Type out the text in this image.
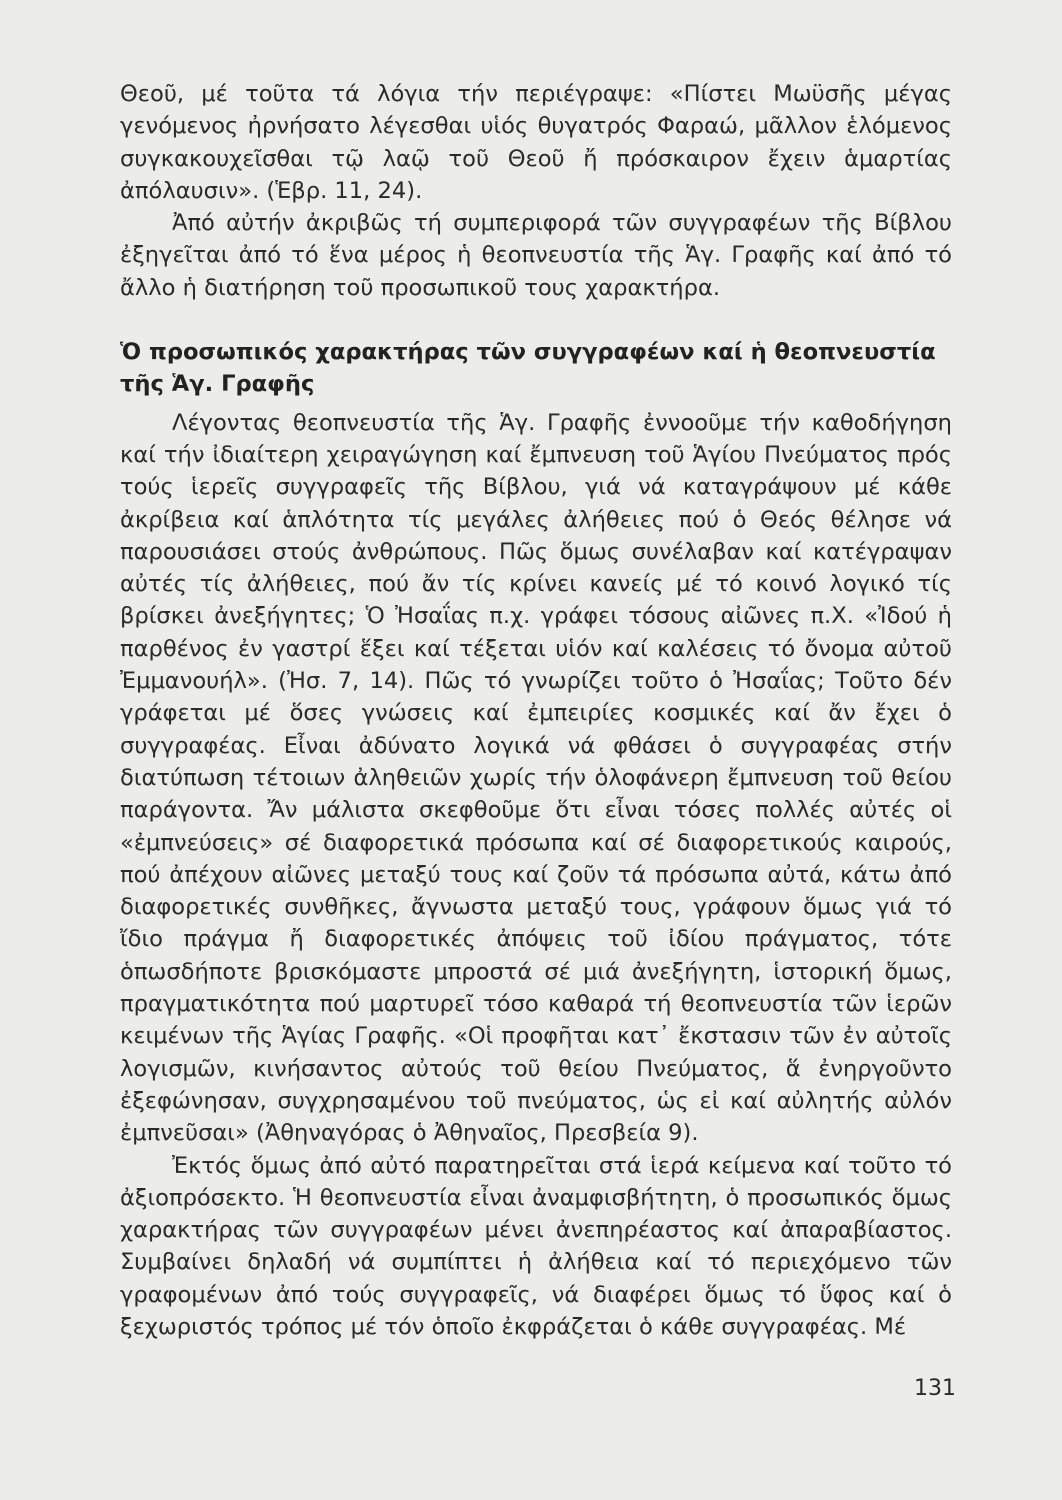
Θεοῦ, μέ τοῦτα τά λόγια τήν περιέγραψε: «Πίστει Μωϋσῆς μέγας γενόμενος ἠρνήσατο λέγεσθαι υἱός θυγατρός Φαραώ, μᾶλλον ἑλόμενος συγκακουχεῖσθαι τῷ λαῷ τοῦ Θεοῦ ἤ πρόσκαιρον ἔχειν ἁμαρτίας ἀπόλαυσιν». (Ἑβρ. 11, 24).

Ἀπό αὐτήν ἀκριβῶς τή συμπεριφορά τῶν συγγραφέων τῆς Βίβλου ἐξηγεῖται ἀπό τό ἕνα μέρος ἡ θεοπνευστία τῆς Ἁγ. Γραφῆς καί ἀπό τό ἄλλο ἡ διατήρηση τοῦ προσωπικοῦ τους χαρακτήρα.

Ὁ προσωπικός χαρακτήρας τῶν συγγραφέων καί ἡ θεοπνευστία τῆς Ἁγ. Γραφῆς

Λέγοντας θεοπνευστία τῆς Ἁγ. Γραφῆς ἐννοοῦμε τήν καθοδήγηση καί τήν ἰδιαίτερη χειραγώγηση καί ἔμπνευση τοῦ Ἁγίου Πνεύματος πρός τούς ἱερεῖς συγγραφεῖς τῆς Βίβλου, γιά νά καταγράψουν μέ κάθε ἀκρίβεια καί ἁπλότητα τίς μεγάλες ἀλήθειες πού ὁ Θεός θέλησε νά παρουσιάσει στούς ἀνθρώπους. Πῶς ὅμως συνέλαβαν καί κατέγραψαν αὐτές τίς ἀλήθειες, πού ἄν τίς κρίνει κανείς μέ τό κοινό λογικό τίς βρίσκει ἀνεξήγητες; Ὁ Ἠσαΐας π.χ. γράφει τόσους αἰῶνες π.Χ. «Ἰδού ἡ παρθένος ἐν γαστρί ἕξει καί τέξεται υἱόν καί καλέσεις τό ὄνομα αὐτοῦ Ἐμμανουήλ». (Ἠσ. 7, 14). Πῶς τό γνωρίζει τοῦτο ὁ Ἠσαΐας; Τοῦτο δέν γράφεται μέ ὅσες γνώσεις καί ἐμπειρίες κοσμικές καί ἄν ἔχει ὁ συγγραφέας. Εἶναι ἀδύνατο λογικά νά φθάσει ὁ συγγραφέας στήν διατύπωση τέτοιων ἀληθειῶν χωρίς τήν ὁλοφάνερη ἔμπνευση τοῦ θείου παράγοντα. Ἄν μάλιστα σκεφθοῦμε ὅτι εἶναι τόσες πολλές αὐτές οἱ «ἐμπνεύσεις» σέ διαφορετικά πρόσωπα καί σέ διαφορετικούς καιρούς, πού ἀπέχουν αἰῶνες μεταξύ τους καί ζοῦν τά πρόσωπα αὐτά, κάτω ἀπό διαφορετικές συνθῆκες, ἄγνωστα μεταξύ τους, γράφουν ὅμως γιά τό ἴδιο πράγμα ἤ διαφορετικές ἀπόψεις τοῦ ἰδίου πράγματος, τότε ὁπωσδήποτε βρισκόμαστε μπροστά σέ μιά ἀνεξήγητη, ἱστορική ὅμως, πραγματικότητα πού μαρτυρεῖ τόσο καθαρά τή θεοπνευστία τῶν ἱερῶν κειμένων τῆς Ἁγίας Γραφῆς. «Οἱ προφῆται κατ᾽ ἔκστασιν τῶν ἐν αὐτοῖς λογισμῶν, κινήσαντος αὐτούς τοῦ θείου Πνεύματος, ἅ ἐνηργοῦντο ἐξεφώνησαν, συγχρησαμένου τοῦ πνεύματος, ὡς εἰ καί αὐλητής αὐλόν ἐμπνεῦσαι» (Ἀθηναγόρας ὁ Ἀθηναῖος, Πρεσβεία 9).

Ἐκτός ὅμως ἀπό αὐτό παρατηρεῖται στά ἱερά κείμενα καί τοῦτο τό ἀξιοπρόσεκτο. Ἡ θεοπνευστία εἶναι ἀναμφισβήτητη, ὁ προσωπικός ὅμως χαρακτήρας τῶν συγγραφέων μένει ἀνεπηρέαστος καί ἀπαραβίαστος. Συμβαίνει δηλαδή νά συμπίπτει ἡ ἀλήθεια καί τό περιεχόμενο τῶν γραφομένων ἀπό τούς συγγραφεῖς, νά διαφέρει ὅμως τό ὕφος καί ὁ ξεχωριστός τρόπος μέ τόν ὁποῖο ἐκφράζεται ὁ κάθε συγγραφέας. Μέ

131
